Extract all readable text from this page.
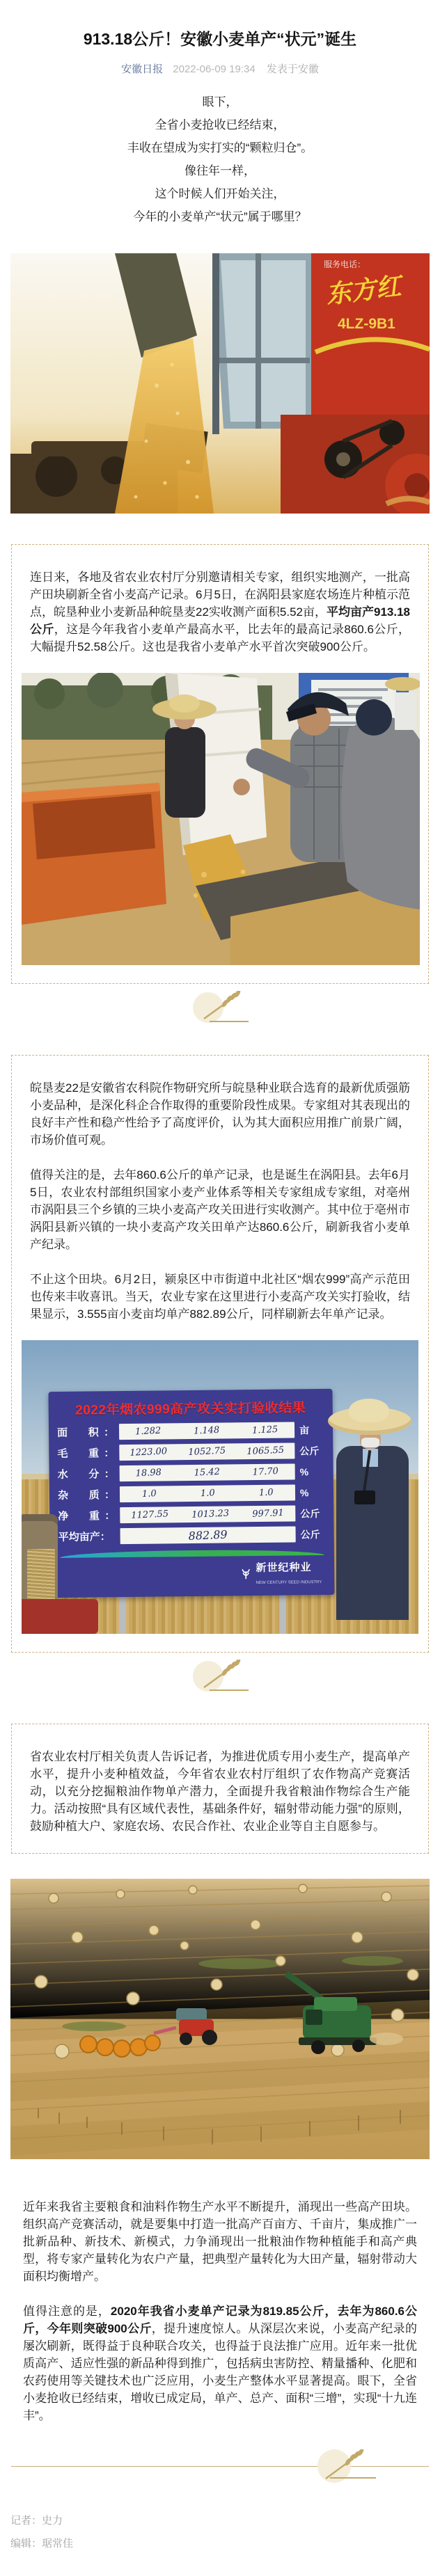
913.18公斤！安徽小麦单产“状元”诞生
安徽日报 2022-06-09 19:34 发表于安徽

眼下，

全省小麦抢收已经结束，

丰收在望成为实打实的“颗粒归仓”。

像往年一样，

这个时候人们开始关注，

今年的小麦单产“状元”属于哪里？

服务电话：
东方红
4LZ-9B1

连日来，各地及省农业农村厅分别邀请相关专家，组织实地测产，一批高产田块刷新全省小麦高产记录。6月5日，在涡阳县家庭农场连片种植示范点，皖垦种业小麦新品种皖垦麦22实收测产面积5.52亩，平均亩产913.18公斤，这是今年我省小麦单产最高水平，比去年的最高记录860.6公斤，大幅提升52.58公斤。这也是我省小麦单产水平首次突破900公斤。

皖垦麦22是安徽省农科院作物研究所与皖垦种业联合选育的最新优质强筋小麦品种，是深化科企合作取得的重要阶段性成果。专家组对其表现出的良好丰产性和稳产性给予了高度评价，认为其大面积应用推广前景广阔，市场价值可观。

值得关注的是，去年860.6公斤的单产记录，也是诞生在涡阳县。去年6月5日，农业农村部组织国家小麦产业体系等相关专家组成专家组，对亳州市涡阳县三个乡镇的三块小麦高产攻关田进行实收测产。其中位于亳州市涡阳县新兴镇的一块小麦高产攻关田单产达860.6公斤，刷新我省小麦单产纪录。

不止这个田块。6月2日，颍泉区中市街道中北社区“烟农999”高产示范田也传来丰收喜讯。当天，农业专家在这里进行小麦高产攻关实打验收，结果显示，3.555亩小麦亩均单产882.89公斤，同样刷新去年单产记录。

2022年烟农999高产攻关实打验收结果
面　积： 1.282	1.148	1.125 亩
毛　重： 1223.00 1052.75 1065.55 公斤
水　分： 18.98	15.42	17.70 %
杂　质：	1.0	1.0	1.0	%
净　重： 1127.55 1013.23 997.91 公斤
平均亩产：	882.89	公斤
新世纪种业
NEW CENTURY SEED INDUSTRY

省农业农村厅相关负责人告诉记者，为推进优质专用小麦生产，提高单产水平，提升小麦种植效益，今年省农业农村厅组织了农作物高产竞赛活动，以充分挖掘粮油作物单产潜力，全面提升我省粮油作物综合生产能力。活动按照“具有区域代表性，基础条件好，辐射带动能力强”的原则，鼓励种植大户、家庭农场、农民合作社、农业企业等自主自愿参与。

近年来我省主要粮食和油料作物生产水平不断提升，涌现出一些高产田块。组织高产竞赛活动，就是要集中打造一批高产百亩方、千亩片，集成推广一批新品种、新技术、新模式，力争涌现出一批粮油作物种植能手和高产典型，将专家产量转化为农户产量，把典型产量转化为大田产量，辐射带动大面积均衡增产。

值得注意的是，2020年我省小麦单产记录为819.85公斤，去年为860.6公斤，今年则突破900公斤，提升速度惊人。从深层次来说，小麦高产纪录的屡次刷新，既得益于良种联合攻关，也得益于良法推广应用。近年来一批优质高产、适应性强的新品种得到推广，包括病虫害防控、精量播种、化肥和农药使用等关键技术也广泛应用，小麦生产整体水平显著提高。眼下，全省小麦抢收已经结束，增收已成定局，单产、总产、面积“三增”，实现“十九连丰”。

记者：史力

编辑：琚常佳
